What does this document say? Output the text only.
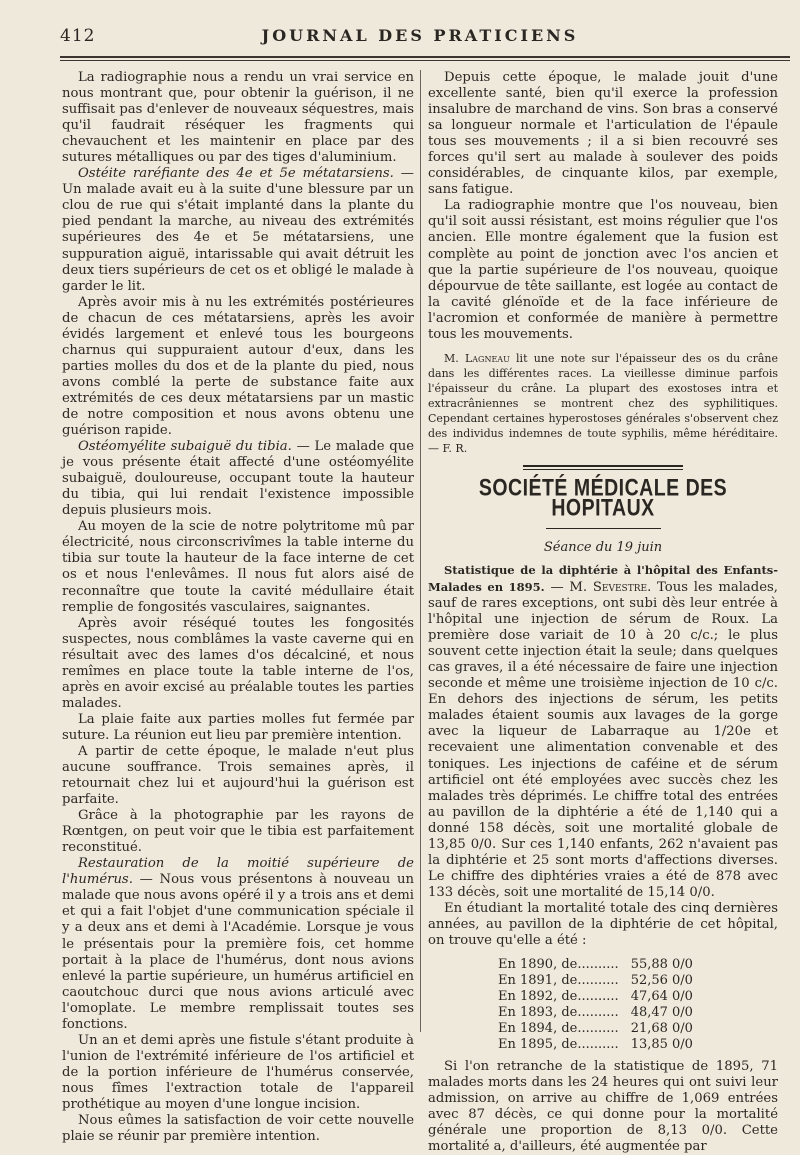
412	JOURNAL DES PRATICIENS

La radiographie nous a rendu un vrai service en nous montrant que, pour obtenir la guérison, il ne suffisait pas d'enlever de nouveaux séquestres, mais qu'il faudrait réséquer les fragments qui chevauchent et les maintenir en place par des sutures métalliques ou par des tiges d'aluminium.

Ostéite raréfiante des 4e et 5e métatarsiens. — Un malade avait eu à la suite d'une blessure par un clou de rue qui s'était implanté dans la plante du pied pendant la marche, au niveau des extrémités supérieures des 4e et 5e métatarsiens, une suppuration aiguë, intarissable qui avait détruit les deux tiers supérieurs de cet os et obligé le malade à garder le lit.

Après avoir mis à nu les extrémités postérieures de chacun de ces métatarsiens, après les avoir évidés largement et enlevé tous les bourgeons charnus qui suppuraient autour d'eux, dans les parties molles du dos et de la plante du pied, nous avons comblé la perte de substance faite aux extrémités de ces deux métatarsiens par un mastic de notre composition et nous avons obtenu une guérison rapide.

Ostéomyélite subaiguë du tibia. — Le malade que je vous présente était affecté d'une ostéomyélite subaiguë, douloureuse, occupant toute la hauteur du tibia, qui lui rendait l'existence impossible depuis plusieurs mois.

Au moyen de la scie de notre polytritome mû par électricité, nous circonscrivîmes la table interne du tibia sur toute la hauteur de la face interne de cet os et nous l'enlevâmes. Il nous fut alors aisé de reconnaître que toute la cavité médullaire était remplie de fongosités vasculaires, saignantes.

Après avoir réséqué toutes les fongosités suspectes, nous comblâmes la vaste caverne qui en résultait avec des lames d'os décalciné, et nous remîmes en place toute la table interne de l'os, après en avoir excisé au préalable toutes les parties malades.

La plaie faite aux parties molles fut fermée par suture. La réunion eut lieu par première intention.

A partir de cette époque, le malade n'eut plus aucune souffrance. Trois semaines après, il retournait chez lui et aujourd'hui la guérison est parfaite.

Grâce à la photographie par les rayons de Rœntgen, on peut voir que le tibia est parfaitement reconstitué.

Restauration de la moitié supérieure de l'humérus. — Nous vous présentons à nouveau un malade que nous avons opéré il y a trois ans et demi et qui a fait l'objet d'une communication spéciale il y a deux ans et demi à l'Académie. Lorsque je vous le présentais pour la première fois, cet homme portait à la place de l'humérus, dont nous avions enlevé la partie supérieure, un humérus artificiel en caoutchouc durci que nous avions articulé avec l'omoplate. Le membre remplissait toutes ses fonctions.

Un an et demi après une fistule s'étant produite à l'union de l'extrémité inférieure de l'os artificiel et de la portion inférieure de l'humérus conservée, nous fîmes l'extraction totale de l'appareil prothétique au moyen d'une longue incision.

Nous eûmes la satisfaction de voir cette nouvelle plaie se réunir par première intention.

Depuis cette époque, le malade jouit d'une excellente santé, bien qu'il exerce la profession insalubre de marchand de vins. Son bras a conservé sa longueur normale et l'articulation de l'épaule tous ses mouvements ; il a si bien recouvré ses forces qu'il sert au malade à soulever des poids considérables, de cinquante kilos, par exemple, sans fatigue.

La radiographie montre que l'os nouveau, bien qu'il soit aussi résistant, est moins régulier que l'os ancien. Elle montre également que la fusion est complète au point de jonction avec l'os ancien et que la partie supérieure de l'os nouveau, quoique dépourvue de tête saillante, est logée au contact de la cavité glénoïde et de la face inférieure de l'acromion et conformée de manière à permettre tous les mouvements.

M. Lagneau lit une note sur l'épaisseur des os du crâne dans les différentes races. La vieillesse diminue parfois l'épaisseur du crâne. La plupart des exostoses intra et extracrâniennes se montrent chez des syphilitiques. Cependant certaines hyperostoses générales s'observent chez des individus indemnes de toute syphilis, même héréditaire. — F. R.

SOCIÉTÉ MÉDICALE DES HOPITAUX
Séance du 19 juin

Statistique de la diphtérie à l'hôpital des Enfants-Malades en 1895. — M. Sevestre. Tous les malades, sauf de rares exceptions, ont subi dès leur entrée à l'hôpital une injection de sérum de Roux. La première dose variait de 10 à 20 c/c.; le plus souvent cette injection était la seule; dans quelques cas graves, il a été nécessaire de faire une injection seconde et même une troisième injection de 10 c/c. En dehors des injections de sérum, les petits malades étaient soumis aux lavages de la gorge avec la liqueur de Labarraque au 1/20e et recevaient une alimentation convenable et des toniques. Les injections de caféine et de sérum artificiel ont été employées avec succès chez les malades très déprimés. Le chiffre total des entrées au pavillon de la diphtérie a été de 1,140 qui a donné 158 décès, soit une mortalité globale de 13,85 0/0. Sur ces 1,140 enfants, 262 n'avaient pas la diphtérie et 25 sont morts d'affections diverses. Le chiffre des diphtéries vraies a été de 878 avec 133 décès, soit une mortalité de 15,14 0/0.

En étudiant la mortalité totale des cinq dernières années, au pavillon de la diphtérie de cet hôpital, on trouve qu'elle a été :

En 1890, de..........	55,88 0/0
En 1891, de..........	52,56 0/0
En 1892, de..........	47,64 0/0
En 1893, de..........	48,47 0/0
En 1894, de..........	21,68 0/0
En 1895, de..........	13,85 0/0

Si l'on retranche de la statistique de 1895, 71 malades morts dans les 24 heures qui ont suivi leur admission, on arrive au chiffre de 1,069 entrées avec 87 décès, ce qui donne pour la mortalité générale une proportion de 8,13 0/0. Cette mortalité a, d'ailleurs, été augmentée par
